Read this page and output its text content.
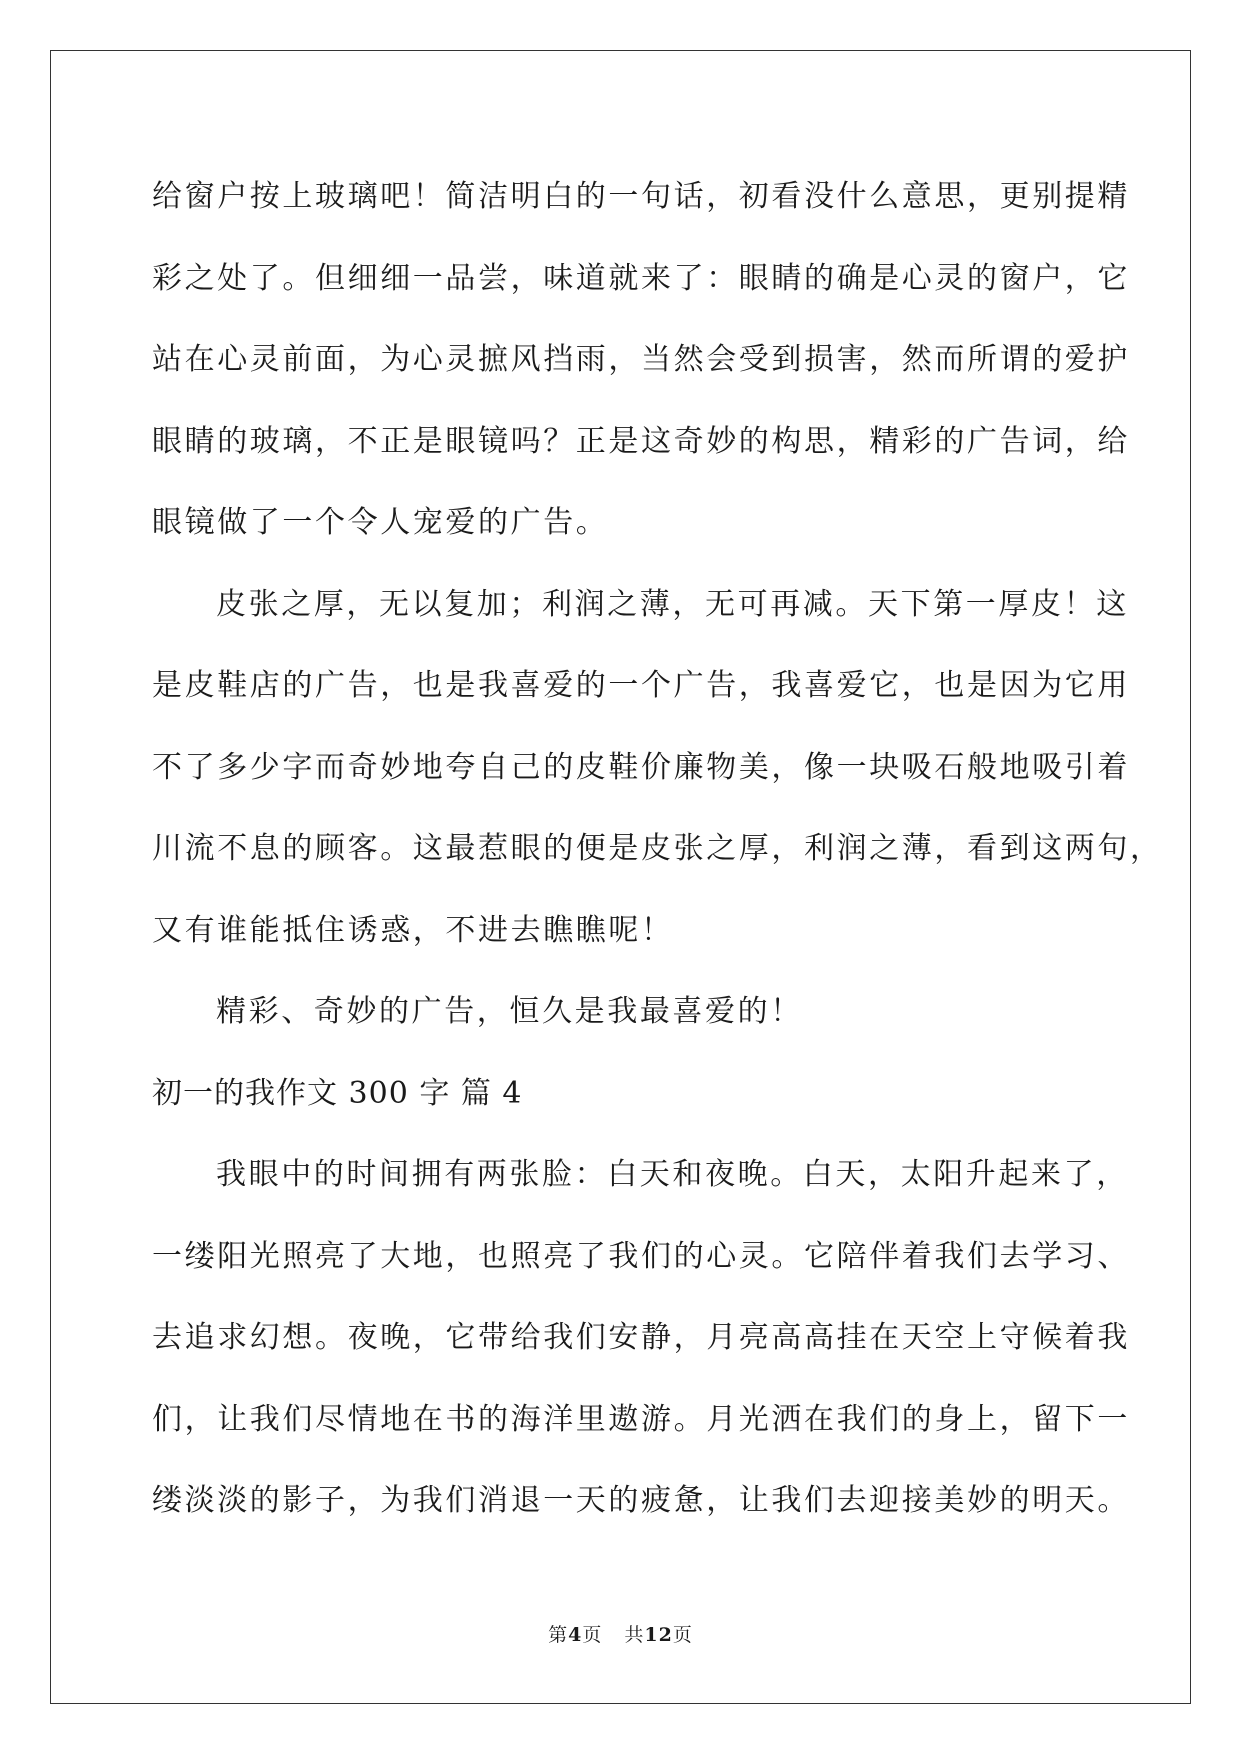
给窗户按上玻璃吧！简洁明白的一句话，初看没什么意思，更别提精
彩之处了。但细细一品尝，味道就来了：眼睛的确是心灵的窗户，它
站在心灵前面，为心灵摭风挡雨，当然会受到损害，然而所谓的爱护
眼睛的玻璃，不正是眼镜吗？正是这奇妙的构思，精彩的广告词，给
眼镜做了一个令人宠爱的广告。
皮张之厚，无以复加；利润之薄，无可再减。天下第一厚皮！这
是皮鞋店的广告，也是我喜爱的一个广告，我喜爱它，也是因为它用
不了多少字而奇妙地夸自己的皮鞋价廉物美，像一块吸石般地吸引着
川流不息的顾客。这最惹眼的便是皮张之厚，利润之薄，看到这两句，
又有谁能抵住诱惑，不进去瞧瞧呢！
精彩、奇妙的广告，恒久是我最喜爱的！
初一的我作文 300 字 篇 4
我眼中的时间拥有两张脸：白天和夜晚。白天，太阳升起来了，
一缕阳光照亮了大地，也照亮了我们的心灵。它陪伴着我们去学习、
去追求幻想。夜晚，它带给我们安静，月亮高高挂在天空上守候着我
们，让我们尽情地在书的海洋里遨游。月光洒在我们的身上，留下一
缕淡淡的影子，为我们消退一天的疲惫，让我们去迎接美妙的明天。
第4页 共12页
